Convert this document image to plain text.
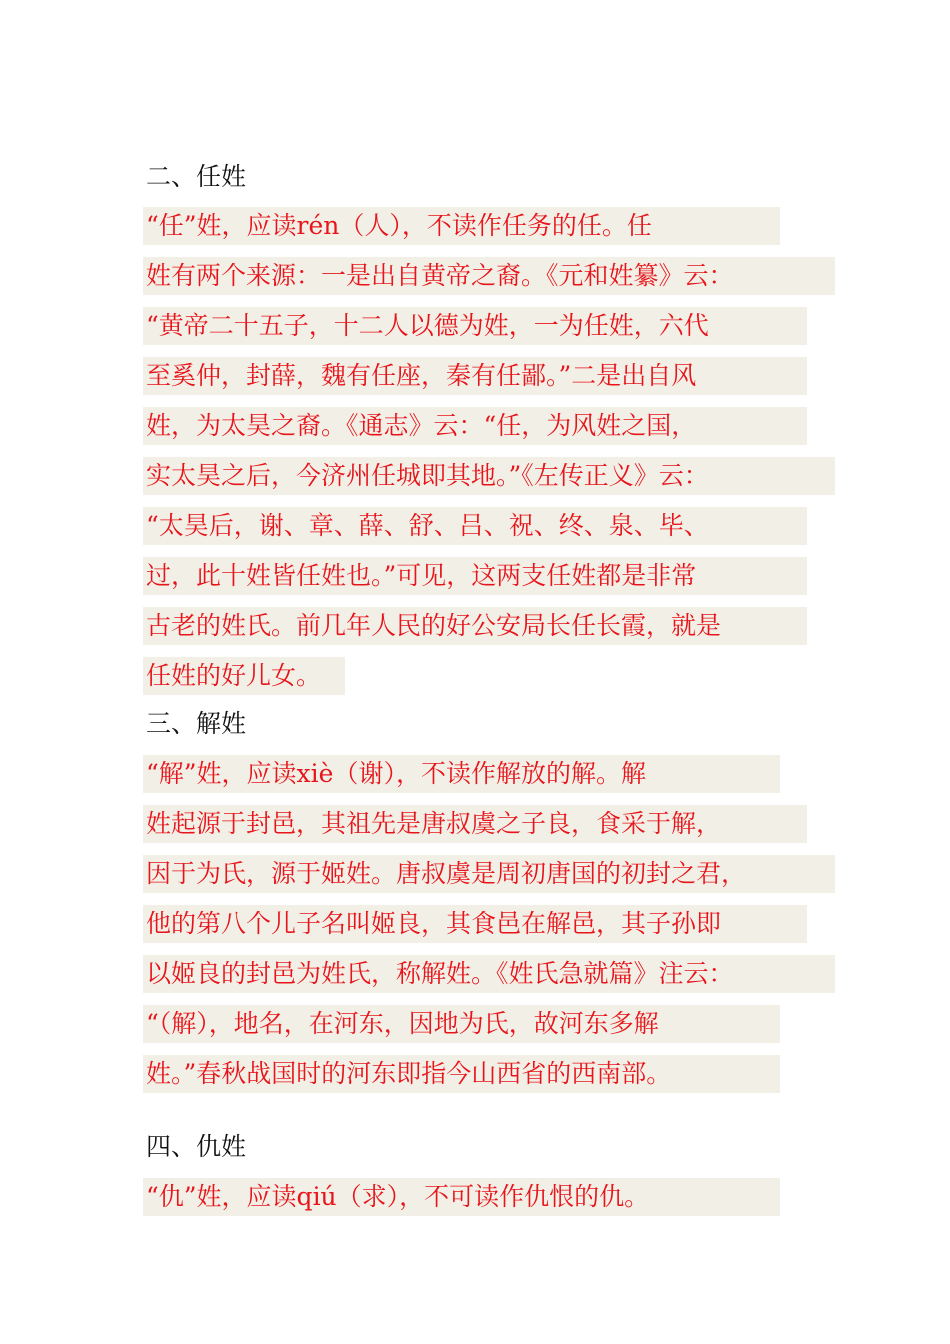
二、任姓
“任”姓，应读rén（人），不读作任务的任。任
姓有两个来源：一是出自黄帝之裔。《元和姓纂》云：
“黄帝二十五子，十二人以德为姓，一为任姓，六代
至奚仲，封薛，魏有任座，秦有任鄙。”二是出自风
姓，为太昊之裔。《通志》云：“任，为风姓之国，
实太昊之后，今济州任城即其地。”《左传正义》云：
“太昊后，谢、章、薛、舒、吕、祝、终、泉、毕、
过，此十姓皆任姓也。”可见，这两支任姓都是非常
古老的姓氏。前几年人民的好公安局长任长霞，就是
任姓的好儿女。
三、解姓
“解”姓，应读xiè（谢），不读作解放的解。解
姓起源于封邑，其祖先是唐叔虞之子良，食采于解，
因于为氏，源于姬姓。唐叔虞是周初唐国的初封之君，
他的第八个儿子名叫姬良，其食邑在解邑，其子孙即
以姬良的封邑为姓氏，称解姓。《姓氏急就篇》注云：
“（解），地名，在河东，因地为氏，故河东多解
姓。”春秋战国时的河东即指今山西省的西南部。
四、仇姓
“仇”姓，应读qiú（求），不可读作仇恨的仇。
